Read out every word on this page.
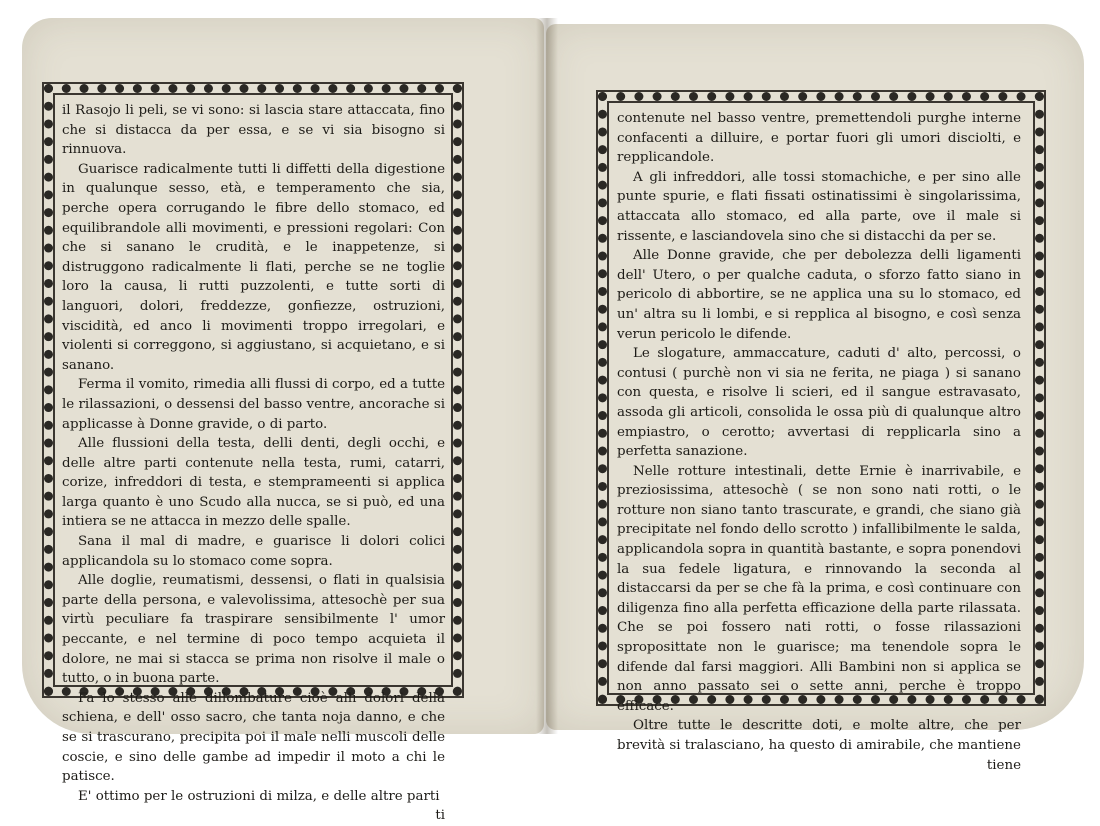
il Rasojo li peli, se vi sono: si lascia stare attaccata, fino che si distacca da per essa, e se vi sia bisogno si rinnuova.

Guarisce radicalmente tutti li diffetti della digestione in qualunque sesso, età, e temperamento che sia, perche opera corrugando le fibre dello stomaco, ed equilibrandole alli movimenti, e pressioni regolari: Con che si sanano le crudità, e le inappetenze, si distruggono radicalmente li flati, perche se ne toglie loro la causa, li rutti puzzolenti, e tutte sorti di languori, dolori, freddezze, gonfiezze, ostruzioni, viscidità, ed anco li movimenti troppo irregolari, e violenti si correggono, si aggiustano, si acquietano, e si sanano.

Ferma il vomito, rimedia alli flussi di corpo, ed a tutte le rilassazioni, o dessensi del basso ventre, ancorache si applicasse à Donne gravide, o di parto.

Alle flussioni della testa, delli denti, degli occhi, e delle altre parti contenute nella testa, rumi, catarri, corize, infreddori di testa, e stemprameenti si applica larga quanto è uno Scudo alla nucca, se si può, ed una intiera se ne attacca in mezzo delle spalle.

Sana il mal di madre, e guarisce li dolori colici applicandola su lo stomaco come sopra.

Alle doglie, reumatismi, dessensi, o flati in qualsisia parte della persona, e valevolissima, attesochè per sua virtù peculiare fa traspirare sensibilmente l' umor peccante, e nel termine di poco tempo acquieta il dolore, ne mai si stacca se prima non risolve il male o tutto, o in buona parte.

Fa lo stesso alle dillombature cioè alli dolori della schiena, e dell' osso sacro, che tanta noja danno, e che se si trascurano, precipita poi il male nelli muscoli delle coscie, e sino delle gambe ad impedir il moto a chi le patisce.

E' ottimo per le ostruzioni di milza, e delle altre parti

ti

contenute nel basso ventre, premettendoli purghe interne confacenti a dilluire, e portar fuori gli umori disciolti, e repplicandole.

A gli infreddori, alle tossi stomachiche, e per sino alle punte spurie, e flati fissati ostinatissimi è singolarissima, attaccata allo stomaco, ed alla parte, ove il male si rissente, e lasciandovela sino che si distacchi da per se.

Alle Donne gravide, che per debolezza delli ligamenti dell' Utero, o per qualche caduta, o sforzo fatto siano in pericolo di abbortire, se ne applica una su lo stomaco, ed un' altra su li lombi, e si repplica al bisogno, e così senza verun pericolo le difende.

Le slogature, ammaccature, caduti d' alto, percossi, o contusi ( purchè non vi sia ne ferita, ne piaga ) si sanano con questa, e risolve li scieri, ed il sangue estravasato, assoda gli articoli, consolida le ossa più di qualunque altro empiastro, o cerotto; avvertasi di repplicarla sino a perfetta sanazione.

Nelle rotture intestinali, dette Ernie è inarrivabile, e preziosissima, attesochè ( se non sono nati rotti, o le rotture non siano tanto trascurate, e grandi, che siano già precipitate nel fondo dello scrotto ) infallibilmente le salda, applicandola sopra in quantità bastante, e sopra ponendovi la sua fedele ligatura, e rinnovando la seconda al distaccarsi da per se che fà la prima, e così continuare con diligenza fino alla perfetta efficazione della parte rilassata. Che se poi fossero nati rotti, o fosse rilassazioni sproposittate non le guarisce; ma tenendole sopra le difende dal farsi maggiori. Alli Bambini non si applica se non anno passato sei o sette anni, perche è troppo efficace.

Oltre tutte le descritte doti, e molte altre, che per brevità si tralasciano, ha questo di amirabile, che mantiene

tiene
